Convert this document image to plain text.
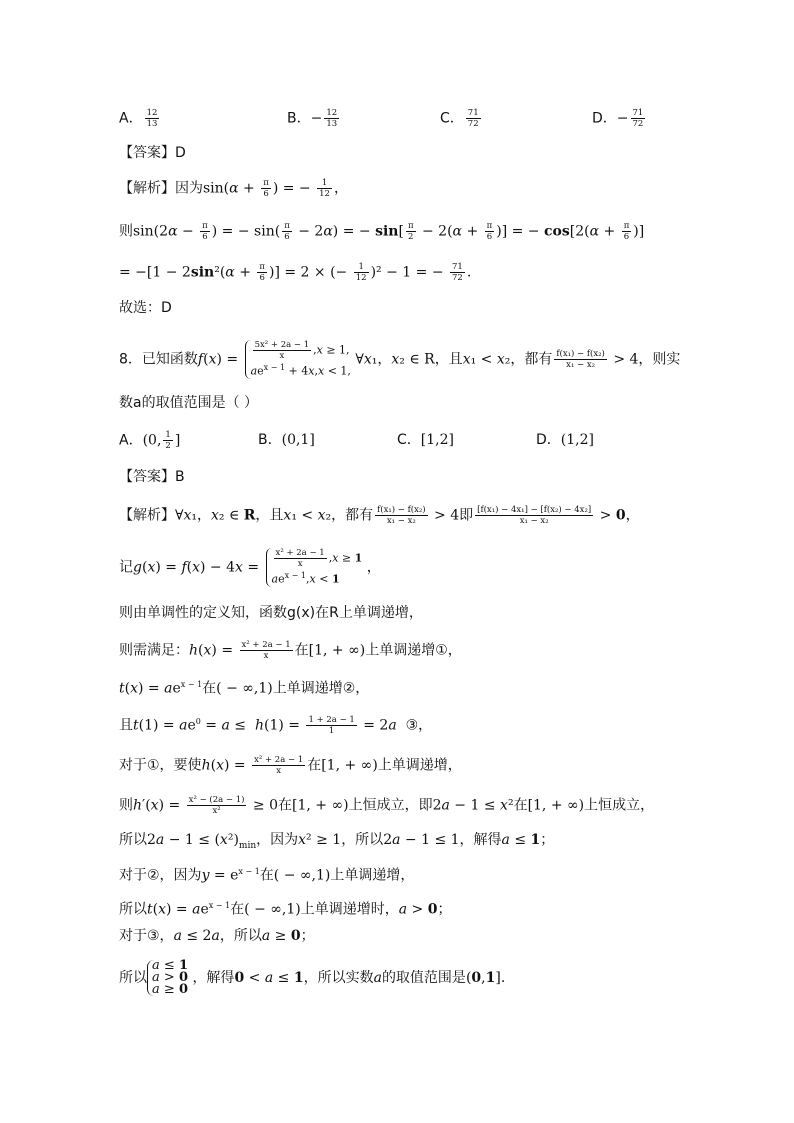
A． $\frac{12}{13}$	B．− $\frac{12}{13}$	C． $\frac{71}{72}$	D．− $\frac{71}{72}$
【答案】D
【解析】因为$\sin(\alpha + \frac{\pi}{6}$ ) = − $\frac{1}{12}$ ，
则$\sin(2\alpha - \frac{\pi}{6}$ ) = − $\sin( \frac{\pi}{6} - 2\alpha)$ = − $\sin[ \frac{\pi}{2} - 2(\alpha + \frac{\pi}{6}$ )] = − $\cos[2(\alpha + \frac{\pi}{6}$ )]
= $-[1 - 2\sin^2(\alpha + \frac{\pi}{6}$ )] = 2 × (− $\frac{1}{12} )^2 - 1$ = − $\frac{71}{72}$ .
故选：D
8．已知函数$f(x) = \frac{\text{5x² + 2a − 1}}{x} ,x \ge 1$,
$ae^{x - 1} + 4x,x < 1$,
∀x₁，x₂ ∈ R，且x₁ < x₂，都有 $\frac{\text{f(x₁) − f(x₂)}}{\text{x₁ − x₂}} > 4$，则实
数a的取值范围是（ ）
A．(0, $\frac{1}{2}$ ]	B．(0,1]	C．[1,2]	D．(1,2]
【答案】B
【解析】∀x₁，x₂ ∈ R，且x₁ < x₂，都有 $\frac{\text{f(x₁) − f(x₂)}}{\text{x₁ − x₂}} > 4$即 $\frac{\text{[f(x₁) − 4x₁] − [f(x₂) − 4x₂]}}{\text{x₁ − x₂}} > 0$，
记$g(x) = f(x) - 4x = \frac{\text{x² + 2a − 1}}{x} ,x \ge 1$
$ae^{x - 1},x < 1$
，
则由单调性的定义知，函数g(x)在R上单调递增，
则需满足：$h(x) = \frac{\text{x² + 2a − 1}}{x}$ 在[1, + ∞)上单调递增①，
$t(x) = ae^{x - 1}$在( − ∞,1)上单调递增②，
且$t(1) = ae^0 = a \le h(1) = \frac{1 + 2a - 1}{1} = 2a$  ③，
对于①，要使$h(x) = \frac{\text{x² + 2a − 1}}{x}$ 在[1, + ∞)上单调递增，
则$h'(x) = \frac{\text{x² − (2a − 1)}}{\text{x²}} \ge 0$在[1, + ∞)上恒成立，即2a − 1 ≤ x²在[1, + ∞)上恒成立，
所以$2a - 1 \le (x^2)_{min}$，因为x² ≥ 1，所以2a − 1 ≤ 1，解得a ≤ 1；
对于②，因为$y = e^{x - 1}$在( − ∞,1)上单调递增，
所以$t(x) = ae^{x - 1}$在( − ∞,1)上单调递增时，a > 0；
对于③，a ≤ 2a，所以a ≥ 0；
所以
a ≤ 1
a > 0
a ≥ 0
，解得0 < a ≤ 1，所以实数a的取值范围是(0,1].
